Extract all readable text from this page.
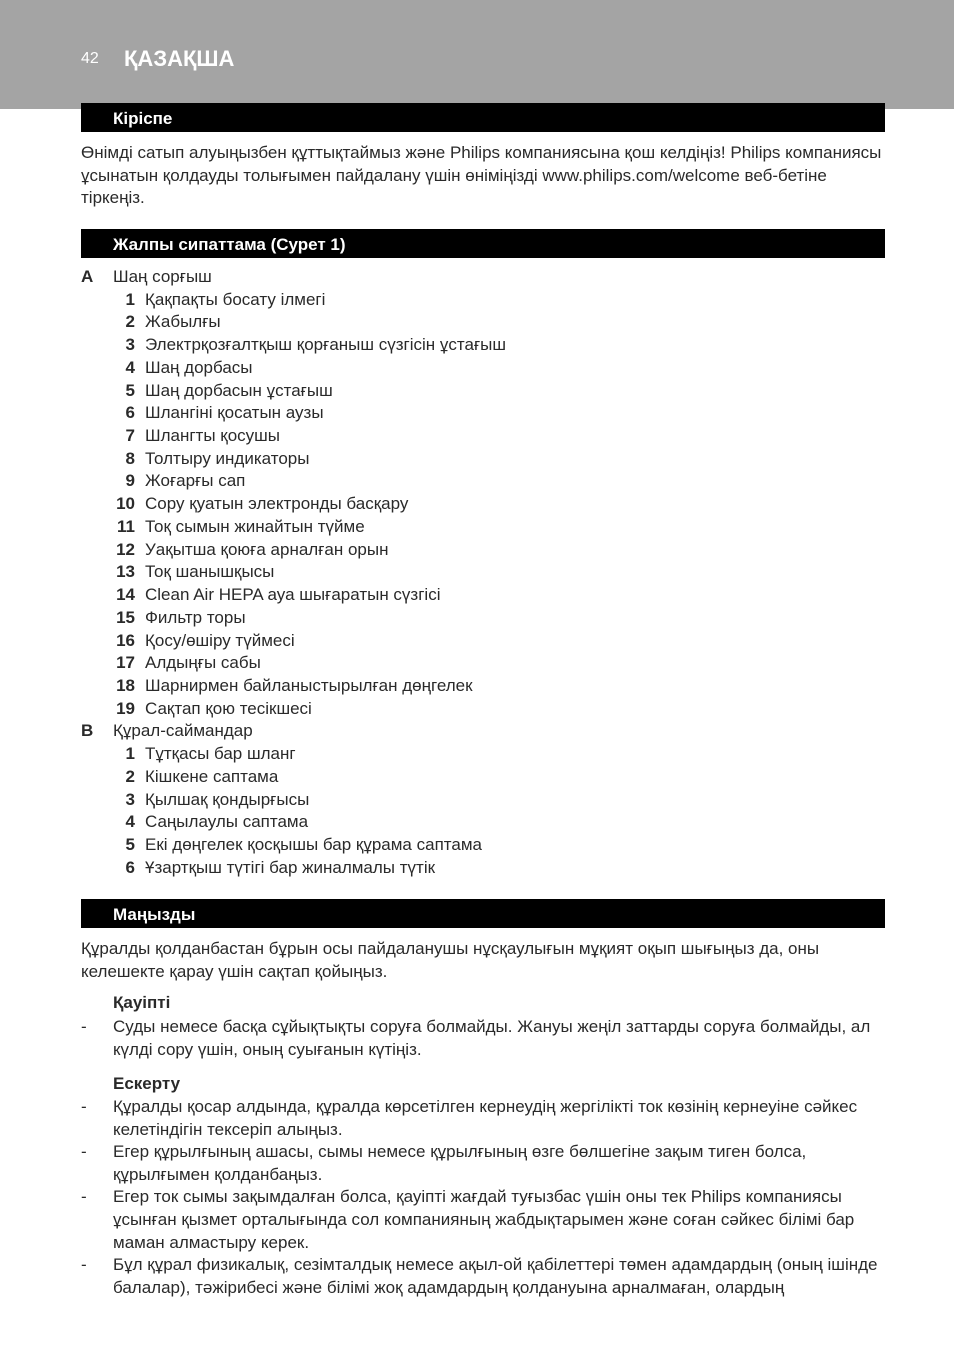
42 ҚАЗАҚША
Кіріспе

Өнімді сатып алуыңызбен құттықтаймыз және Philips компаниясына қош келдіңіз! Philips компаниясы ұсынатын қолдауды толығымен пайдалану үшін өніміңізді www.philips.com/welcome веб-бетіне тіркеңіз.

Жалпы сипаттама (Сурет 1)
A	Шаң сорғыш
1 Қақпақты босату ілмегі
2 Жабылғы
3 Электрқозғалтқыш қорғаныш сүзгісін ұстағыш
4 Шаң дорбасы
5 Шаң дорбасын ұстағыш
6 Шлангіні қосатын аузы
7 Шлангты қосушы
8 Толтыру индикаторы
9 Жоғарғы сап
10 Сору қуатын электронды басқару
11 Тоқ сымын жинайтын түйме
12 Уақытша қоюға арналған орын
13 Тоқ шанышқысы
14 Clean Air HEPA ауа шығаратын сүзгісі
15 Фильтр торы
16 Қосу/өшіру түймесі
17 Алдыңғы сабы
18 Шарнирмен байланыстырылған дөңгелек
19 Сақтап қою тесікшесі
B	Құрал-саймандар
1 Тұтқасы бар шланг
2 Кішкене саптама
3 Қылшақ қондырғысы
4 Саңылаулы саптама
5 Екі дөңгелек қосқышы бар құрама саптама
6 Ұзартқыш түтігі бар жиналмалы түтік
Маңызды

Құралды қолданбастан бұрын осы пайдаланушы нұсқаулығын мұқият оқып шығыңыз да, оны келешекте қарау үшін сақтап қойыңыз.

Қауіпті
- Суды немесе басқа сұйықтықты соруға болмайды. Жануы жеңіл заттарды соруға болмайды, ал күлді сору үшін, оның суығанын күтіңіз.
Ескерту
- Құралды қосар алдында, құралда көрсетілген кернеудің жергілікті ток көзінің кернеуіне сәйкес келетіндігін тексеріп алыңыз.
- Егер құрылғының ашасы, сымы немесе құрылғының өзге бөлшегіне зақым тиген болса, құрылғымен қолданбаңыз.
- Егер ток сымы зақымдалған болса, қауіпті жағдай туғызбас үшін оны тек Philips компаниясы ұсынған қызмет орталығында сол компанияның жабдықтарымен және соған сәйкес білімі бар маман алмастыру керек.
- Бұл құрал физикалық, сезімталдық немесе ақыл-ой қабілеттері төмен адамдардың (оның ішінде балалар), тәжірибесі және білімі жоқ адамдардың қолдануына арналмаған, олардың
